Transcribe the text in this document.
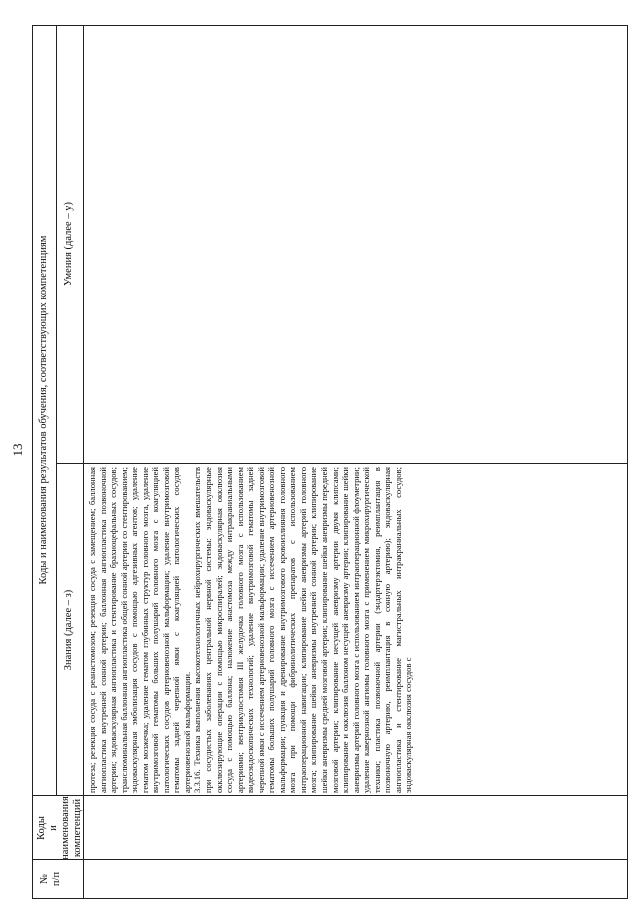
13
№
п/п
Коды
и наименования
компетенций
Коды и наименования результатов обучения, соответствующих компетенциям
Знания (далее – з)
Умения (далее – у)
протеза; резекция сосуда с реанастомозом; резекция сосуда с замещением; баллонная ангиопластика внутренней сонной артерии; баллонная ангиопластика позвоночной артерии; эндоваскулярная ангиопластика и стентирование брахиоцефальных сосудов; транслюминальная баллонная ангиопластика общей сонной артерии со стентированием; эндоваскулярная эмболизация сосудов с помощью адгезивных агентов; удаление гематом мозжечка; удаление гематом глубинных структур головного мозга, удаление внутримозговой гематомы больших полушарий головного мозга с коагуляцией патологических сосудов артериовенозной мальформации; удаление внутримозговой гематомы задней черепной ямки с коагуляцией патологических сосудов артериовенозной мальформации.
3.3.16. Техника выполнения высокотехнологичных нейрохирургических вмешательств при сосудистых заболеваниях центральной нервной системы: эндоваскулярные окклюзирующие операции с помощью микроспиралей; эндоваскулярная окклюзия сосуда с помощью баллона; наложение анастомоза между интракраниальными артериями; вентрикулостомия III желудочка головного мозга с использованием видеоэндоскопических технологий; удаление внутримозговой гематомы задней черепной ямки с иссечением артериовенозной мальформации; удаление внутримозговой гематомы больших полушарий головного мозга с иссечением артериовенозной мальформации; пункция и дренирование внутримозгового кровоизлияния головного мозга при помощи фибринолитических препаратов с использованием интраоперационной навигации; клипирование шейки аневризмы артерий головного мозга; клипирование шейки аневризмы внутренней сонной артерии; клипирование шейки аневризмы средней мозговой артерии; клипирование шейки аневризмы передней мозговой артерии; клипирование несущей аневризму артерии двумя клипсами; клипирование и окклюзия баллоном несущей аневризму артерии; клипирование шейки аневризмы артерий головного мозга с использованием интраоперационной флоуметрии; удаление кавернозной ангиомы головного мозга с применением микрохирургической техники; пластика позвоночной артерии (эндартерэктомия, реимплантация в позвоночную артерию, реимплантация в сонную артерию); эндоваскулярная ангиопластика и стентирование магистральных интракраниальных сосудов; эндоваскулярная окклюзия сосудов с
